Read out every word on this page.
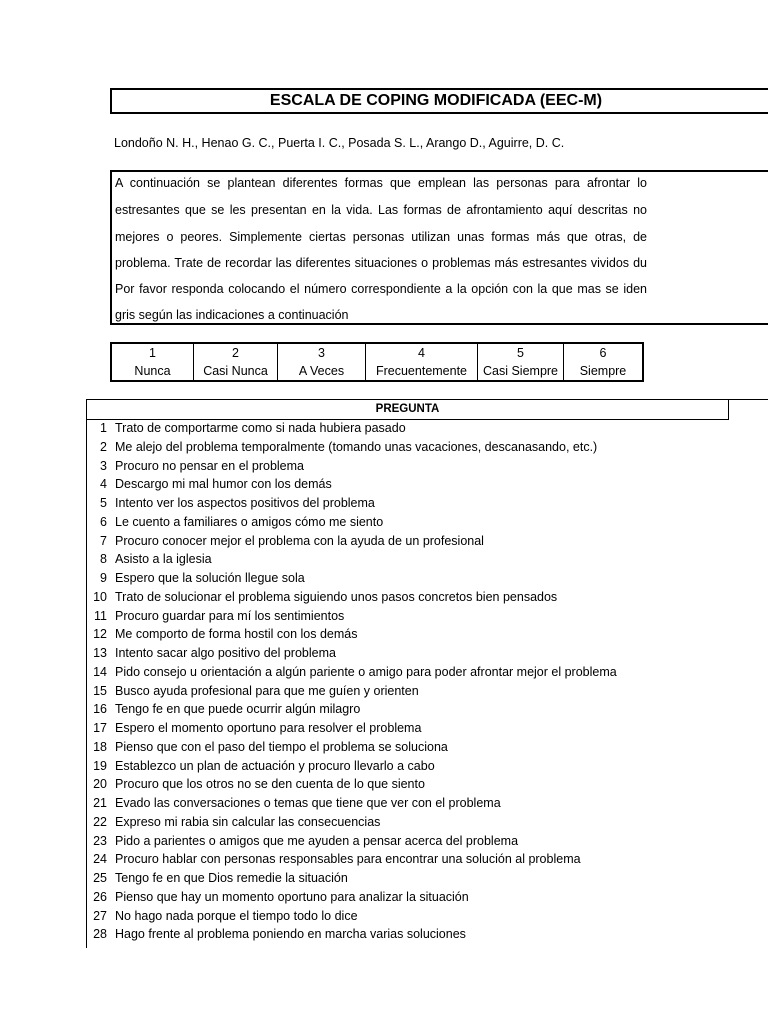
ESCALA DE COPING MODIFICADA (EEC-M)
Londoño N. H., Henao G. C., Puerta I. C., Posada S. L., Arango D., Aguirre, D. C.
A continuación se plantean diferentes formas que emplean las personas para afrontar lo
estresantes que se les presentan en la vida. Las formas de afrontamiento aquí descritas no
mejores o peores. Simplemente ciertas personas utilizan unas formas más que otras, de
problema. Trate de recordar las diferentes situaciones o problemas más estresantes vividos du
Por favor responda colocando el número correspondiente a la opción con la que mas se iden
gris según las indicaciones a continuación
1
Nunca
2
Casi Nunca
3
A Veces
4
Frecuentemente
5
Casi Siempre
6
Siempre
PREGUNTA
1 Trato de comportarme como si nada hubiera pasado
2 Me alejo del problema temporalmente (tomando unas vacaciones, descanasando, etc.)
3 Procuro no pensar en el problema
4 Descargo mi mal humor con los demás
5 Intento ver los aspectos positivos del problema
6 Le cuento a familiares o amigos cómo me siento
7 Procuro conocer mejor el problema con la ayuda de un profesional
8 Asisto a la iglesia
9 Espero que la solución llegue sola
10 Trato de solucionar el problema siguiendo unos pasos concretos bien pensados
11 Procuro guardar para mí los sentimientos
12 Me comporto de forma hostil con los demás
13 Intento sacar algo positivo del problema
14 Pido consejo u orientación a algún pariente o amigo para poder afrontar mejor el problema
15 Busco ayuda profesional para que me guíen y orienten
16 Tengo fe en que puede ocurrir algún milagro
17 Espero el momento oportuno para resolver el problema
18 Pienso que con el paso del tiempo el problema se soluciona
19 Establezco un plan de actuación y procuro llevarlo a cabo
20 Procuro que los otros no se den cuenta de lo que siento
21 Evado las conversaciones o temas que tiene que ver con el problema
22 Expreso mi rabia sin calcular las consecuencias
23 Pido a parientes o amigos que me ayuden a pensar acerca del problema
24 Procuro hablar con personas responsables para encontrar una solución al problema
25 Tengo fe en que Dios remedie la situación
26 Pienso que hay un momento oportuno para analizar la situación
27 No hago nada porque el tiempo todo lo dice
28 Hago frente al problema poniendo en marcha varias soluciones
